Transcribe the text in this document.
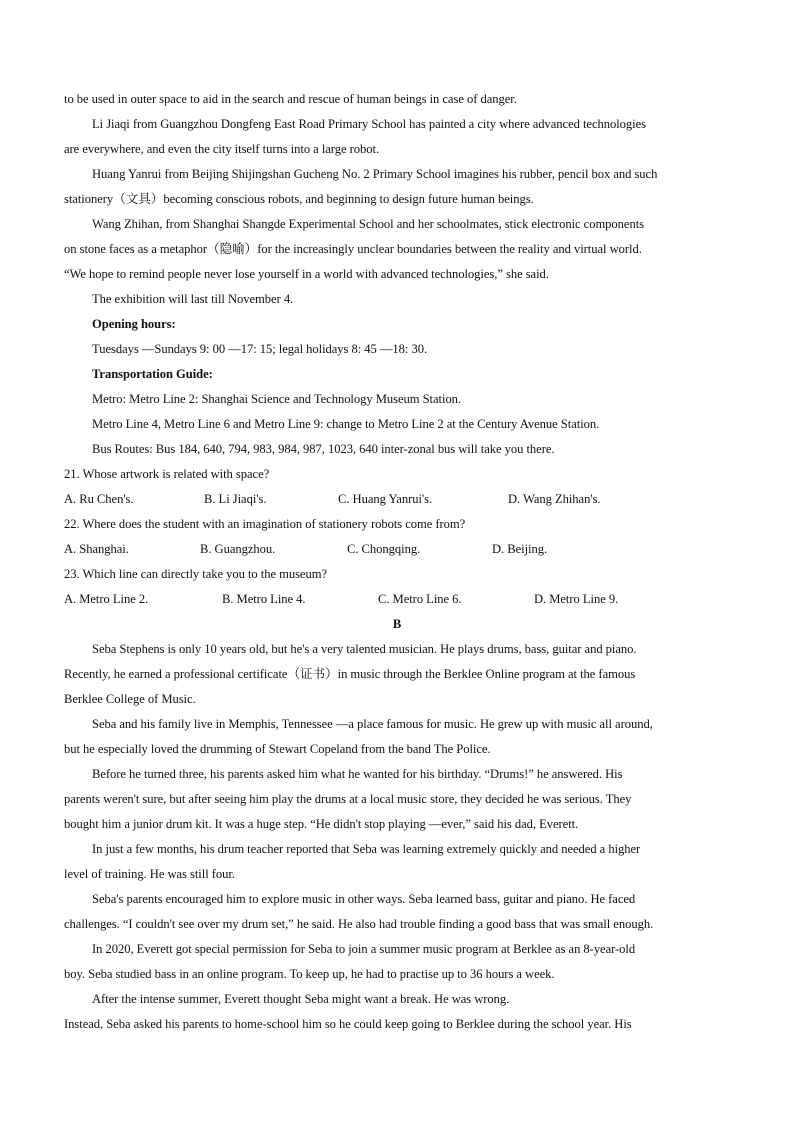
to be used in outer space to aid in the search and rescue of human beings in case of danger.
Li Jiaqi from Guangzhou Dongfeng East Road Primary School has painted a city where advanced technologies
are everywhere, and even the city itself turns into a large robot.
Huang Yanrui from Beijing Shijingshan Gucheng No. 2 Primary School imagines his rubber, pencil box and such
stationery（文具）becoming conscious robots, and beginning to design future human beings.
Wang Zhihan, from Shanghai Shangde Experimental School and her schoolmates, stick electronic components
on stone faces as a metaphor（隐喻）for the increasingly unclear boundaries between the reality and virtual world.
“We hope to remind people never lose yourself in a world with advanced technologies,” she said.
The exhibition will last till November 4.
Opening hours:
Tuesdays —Sundays 9: 00 —17: 15; legal holidays 8: 45 —18: 30.
Transportation Guide:
Metro: Metro Line 2: Shanghai Science and Technology Museum Station.
Metro Line 4, Metro Line 6 and Metro Line 9: change to Metro Line 2 at the Century Avenue Station.
Bus Routes: Bus 184, 640, 794, 983, 984, 987, 1023, 640 inter-zonal bus will take you there.
21. Whose artwork is related with space?
A. Ru Chen's.	B. Li Jiaqi's.	C. Huang Yanrui's.	D. Wang Zhihan's.
22. Where does the student with an imagination of stationery robots come from?
A. Shanghai.	B. Guangzhou.	C. Chongqing.	D. Beijing.
23. Which line can directly take you to the museum?
A. Metro Line 2.	B. Metro Line 4.	C. Metro Line 6.	D. Metro Line 9.
B
Seba Stephens is only 10 years old, but he's a very talented musician. He plays drums, bass, guitar and piano.
Recently, he earned a professional certificate（证书）in music through the Berklee Online program at the famous
Berklee College of Music.
Seba and his family live in Memphis, Tennessee —a place famous for music. He grew up with music all around,
but he especially loved the drumming of Stewart Copeland from the band The Police.
Before he turned three, his parents asked him what he wanted for his birthday. “Drums!” he answered. His
parents weren't sure, but after seeing him play the drums at a local music store, they decided he was serious. They
bought him a junior drum kit. It was a huge step. “He didn't stop playing —ever,” said his dad, Everett.
In just a few months, his drum teacher reported that Seba was learning extremely quickly and needed a higher
level of training. He was still four.
Seba's parents encouraged him to explore music in other ways. Seba learned bass, guitar and piano. He faced
challenges. “I couldn't see over my drum set,” he said. He also had trouble finding a good bass that was small enough.
In 2020, Everett got special permission for Seba to join a summer music program at Berklee as an 8-year-old
boy. Seba studied bass in an online program. To keep up, he had to practise up to 36 hours a week.
After the intense summer, Everett thought Seba might want a break. He was wrong.
Instead, Seba asked his parents to home-school him so he could keep going to Berklee during the school year. His
